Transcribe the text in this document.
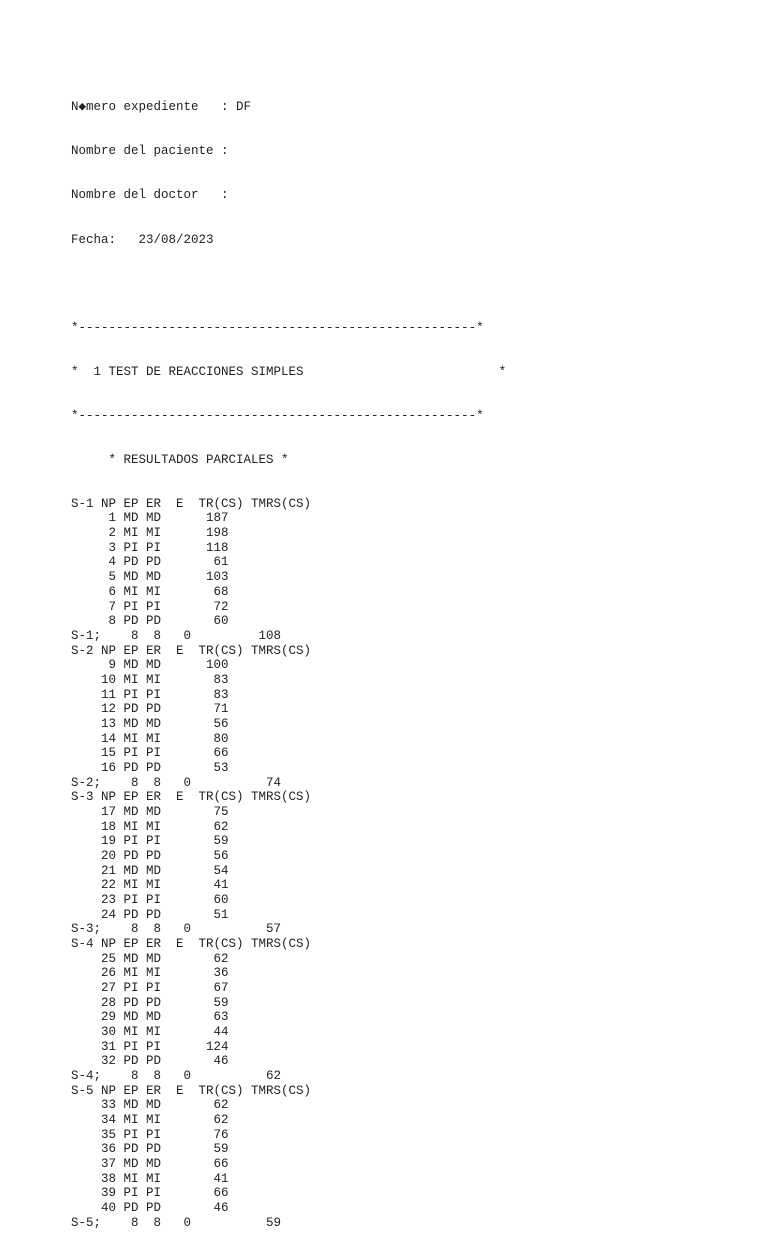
N◆mero expediente   : DF

Nombre del paciente :

Nombre del doctor   :

Fecha:   23/08/2023

*-----------------------------------------------------*

*  1 TEST DE REACCIONES SIMPLES                          *

*-----------------------------------------------------*

* RESULTADOS PARCIALES *

S-1 NP EP ER  E  TR(CS) TMRS(CS)
1 MD MD      187
2 MI MI      198
3 PI PI      118
4 PD PD       61
5 MD MD      103
6 MI MI       68
7 PI PI       72
8 PD PD       60
S-1;    8  8   0         108
S-2 NP EP ER  E  TR(CS) TMRS(CS)
9 MD MD      100
10 MI MI       83
11 PI PI       83
12 PD PD       71
13 MD MD       56
14 MI MI       80
15 PI PI       66
16 PD PD       53
S-2;    8  8   0          74
S-3 NP EP ER  E  TR(CS) TMRS(CS)
17 MD MD       75
18 MI MI       62
19 PI PI       59
20 PD PD       56
21 MD MD       54
22 MI MI       41
23 PI PI       60
24 PD PD       51
S-3;    8  8   0          57
S-4 NP EP ER  E  TR(CS) TMRS(CS)
25 MD MD       62
26 MI MI       36
27 PI PI       67
28 PD PD       59
29 MD MD       63
30 MI MI       44
31 PI PI      124
32 PD PD       46
S-4;    8  8   0          62
S-5 NP EP ER  E  TR(CS) TMRS(CS)
33 MD MD       62
34 MI MI       62
35 PI PI       76
36 PD PD       59
37 MD MD       66
38 MI MI       41
39 PI PI       66
40 PD PD       46
S-5;    8  8   0          59
